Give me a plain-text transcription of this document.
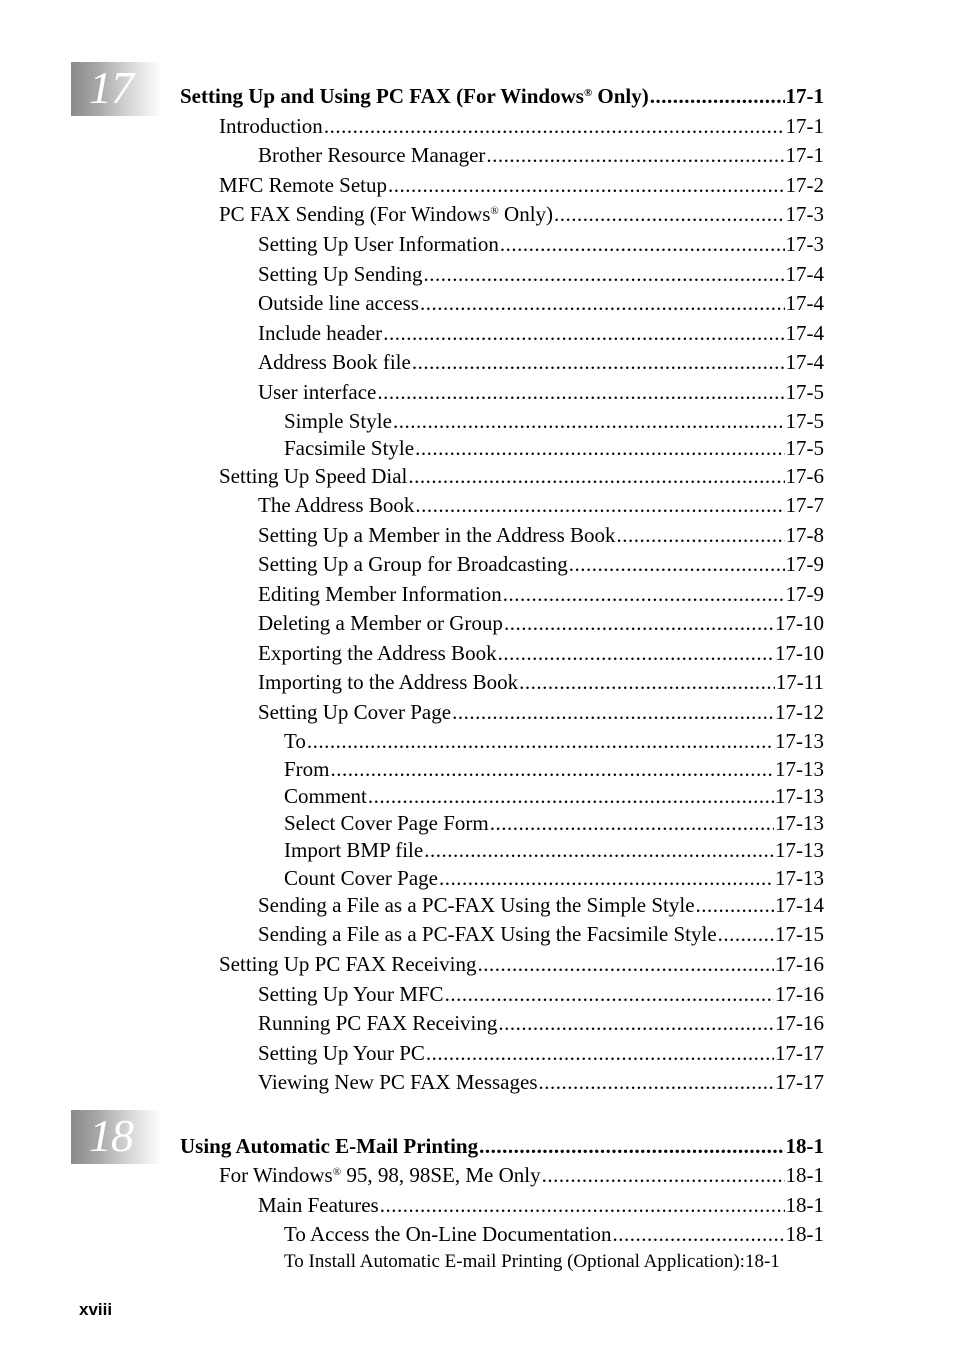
17
18
Setting Up and Using PC FAX (For Windows® Only) .....	17-1
Introduction .....	17-1
Brother Resource Manager .....	17-1
MFC Remote Setup .....	17-2
PC FAX Sending (For Windows® Only) .....	17-3
Setting Up User Information .....	17-3
Setting Up Sending .....	17-4
Outside line access .....	17-4
Include header .....	17-4
Address Book file .....	17-4
User interface .....	17-5
Simple Style .....	17-5
Facsimile Style .....	17-5
Setting Up Speed Dial .....	17-6
The Address Book .....	17-7
Setting Up a Member in the Address Book .....	17-8
Setting Up a Group for Broadcasting .....	17-9
Editing Member Information .....	17-9
Deleting a Member or Group .....	17-10
Exporting the Address Book .....	17-10
Importing to the Address Book .....	17-11
Setting Up Cover Page .....	17-12
To .....	17-13
From .....	17-13
Comment .....	17-13
Select Cover Page Form .....	17-13
Import BMP file .....	17-13
Count Cover Page .....	17-13
Sending a File as a PC-FAX Using the Simple Style .....	17-14
Sending a File as a PC-FAX Using the Facsimile Style .....	17-15
Setting Up PC FAX Receiving .....	17-16
Setting Up Your MFC .....	17-16
Running PC FAX Receiving .....	17-16
Setting Up Your PC .....	17-17
Viewing New PC FAX Messages .....	17-17
Using Automatic E-Mail Printing .....	18-1
For Windows® 95, 98, 98SE, Me Only .....	18-1
Main Features .....	18-1
To Access the On-Line Documentation .....	18-1
To Install Automatic E-mail Printing (Optional Application): 18-1
xviii
